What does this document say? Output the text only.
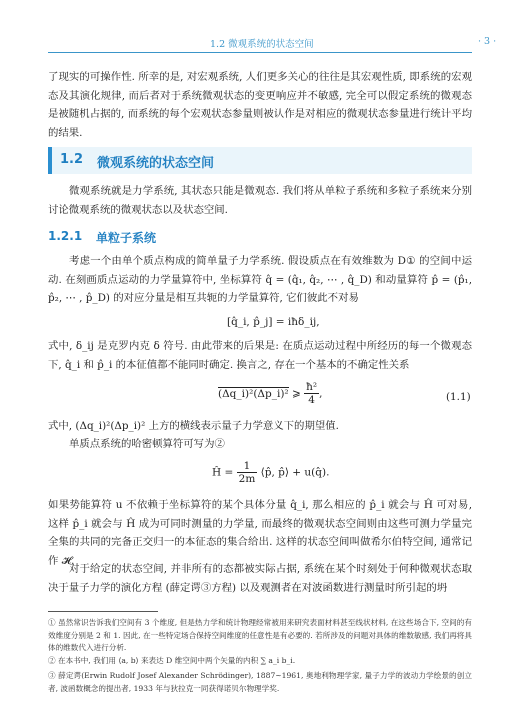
1.2 微观系统的状态空间	· 3 ·

了现实的可操作性. 所幸的是, 对宏观系统, 人们更多关心的往往是其宏观性质, 即系统的宏观态及其演化规律, 而后者对于系统微观状态的变更响应并不敏感, 完全可以假定系统的微观态是被随机占据的, 而系统的每个宏观状态参量则被认作是对相应的微观状态参量进行统计平均的结果.

1.2 微观系统的状态空间

微观系统就是力学系统, 其状态只能是微观态. 我们将从单粒子系统和多粒子系统来分别讨论微观系统的微观状态以及状态空间.

1.2.1 单粒子系统

考虑一个由单个质点构成的简单量子力学系统. 假设质点在有效维数为 D① 的空间中运动. 在刻画质点运动的力学量算符中, 坐标算符 q̂ = (q̂₁, q̂₂, ⋯ , q̂_D) 和动量算符 p̂ = (p̂₁, p̂₂, ⋯ , p̂_D) 的对应分量是相互共轭的力学量算符, 它们彼此不对易

[q̂_i, p̂_j] = iħδ_ij,

式中, δ_ij 是克罗内克 δ 符号. 由此带来的后果是: 在质点运动过程中所经历的每一个微观态下, q̂_i 和 p̂_i 的本征值都不能同时确定. 换言之, 存在一个基本的不确定性关系

(Δq_i)²(Δp_i)² ⩾ $\frac{\text{ħ²}}{4}$ ,	(1.1)

式中, (Δq_i)²(Δp_i)² 上方的横线表示量子力学意义下的期望值.

单质点系统的哈密顿算符可写为②

Ĥ = $\frac{1}{2m}$ ⟨p̂, p̂⟩ + u(q̂).

如果势能算符 u 不依赖于坐标算符的某个具体分量 q̂_i, 那么相应的 p̂_i 就会与 Ĥ 可对易, 这样 p̂_i 就会与 Ĥ 成为可同时测量的力学量, 而最终的微观状态空间则由这些可测力学量完全集的共同的完备正交归一的本征态的集合给出. 这样的状态空间叫做希尔伯特空间, 通常记作 𝓗.

对于给定的状态空间, 并非所有的态都被实际占据, 系统在某个时刻处于何种微观状态取决于量子力学的演化方程 (薛定谔③方程) 以及观测者在对波函数进行测量时所引起的坍

① 虽然常识告诉我们空间有 3 个维度, 但是热力学和统计物理经常被用来研究表面材料甚至线状材料, 在这些场合下, 空间的有效维度分别是 2 和 1. 因此, 在一些特定场合保持空间维度的任意性是有必要的. 若所涉及的问题对具体的维数敏感, 我们再将具体的维数代入进行分析.

② 在本书中, 我们用 ⟨a, b⟩ 来表达 D 维空间中两个矢量的内积 ∑ a_i b_i.

③ 薛定谔(Erwin Rudolf Josef Alexander Schrödinger), 1887~1961, 奥地利物理学家, 量子力学的波动力学绘景的创立者, 波函数概念的提出者, 1933 年与狄拉克一同获得诺贝尔物理学奖.
